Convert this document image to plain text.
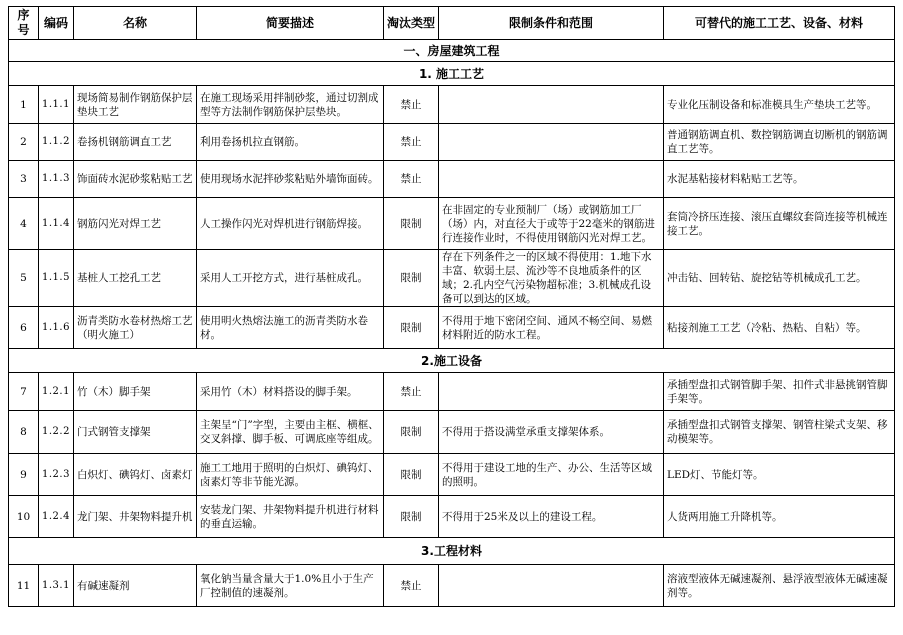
序号	编码	名称	简要描述	淘汰类型	限制条件和范围	可替代的施工工艺、设备、材料
一、房屋建筑工程						
1. 施工工艺						
1	1.1.1	现场简易制作钢筋保护层垫块工艺	在施工现场采用拌制砂浆，通过切割成型等方法制作钢筋保护层垫块。	禁止		专业化压制设备和标准模具生产垫块工艺等。
2	1.1.2	卷扬机钢筋调直工艺	利用卷扬机拉直钢筋。	禁止		普通钢筋调直机、数控钢筋调直切断机的钢筋调直工艺等。
3	1.1.3	饰面砖水泥砂浆粘贴工艺	使用现场水泥拌砂浆粘贴外墙饰面砖。	禁止		水泥基粘接材料粘贴工艺等。
4	1.1.4	钢筋闪光对焊工艺	人工操作闪光对焊机进行钢筋焊接。	限制	在非固定的专业预制厂（场）或钢筋加工厂（场）内，对直径大于或等于22毫米的钢筋进行连接作业时，不得使用钢筋闪光对焊工艺。	套筒冷挤压连接、滚压直螺纹套筒连接等机械连接工艺。
5	1.1.5	基桩人工挖孔工艺	采用人工开挖方式，进行基桩成孔。	限制	存在下列条件之一的区域不得使用：1.地下水丰富、软弱土层、流沙等不良地质条件的区域；2.孔内空气污染物超标准；3.机械成孔设备可以到达的区域。	冲击钻、回转钻、旋挖钻等机械成孔工艺。
6	1.1.6	沥青类防水卷材热熔工艺（明火施工）	使用明火热熔法施工的沥青类防水卷材。	限制	不得用于地下密闭空间、通风不畅空间、易燃材料附近的防水工程。	粘接剂施工工艺（冷粘、热粘、自粘）等。
2.施工设备						
7	1.2.1	竹（木）脚手架	采用竹（木）材料搭设的脚手架。	禁止		承插型盘扣式钢管脚手架、扣件式非悬挑钢管脚手架等。
8	1.2.2	门式钢管支撑架	主架呈“门”字型，主要由主框、横框、交叉斜撑、脚手板、可调底座等组成。	限制	不得用于搭设满堂承重支撑架体系。	承插型盘扣式钢管支撑架、钢管柱梁式支架、移动模架等。
9	1.2.3	白炽灯、碘钨灯、卤素灯	施工工地用于照明的白炽灯、碘钨灯、卤素灯等非节能光源。	限制	不得用于建设工地的生产、办公、生活等区域的照明。	LED灯、节能灯等。
10	1.2.4	龙门架、井架物料提升机	安装龙门架、井架物料提升机进行材料的垂直运输。	限制	不得用于25米及以上的建设工程。	人货两用施工升降机等。
3.工程材料						
11	1.3.1	有碱速凝剂	氧化钠当量含量大于1.0%且小于生产厂控制值的速凝剂。	禁止		溶液型液体无碱速凝剂、悬浮液型液体无碱速凝剂等。
